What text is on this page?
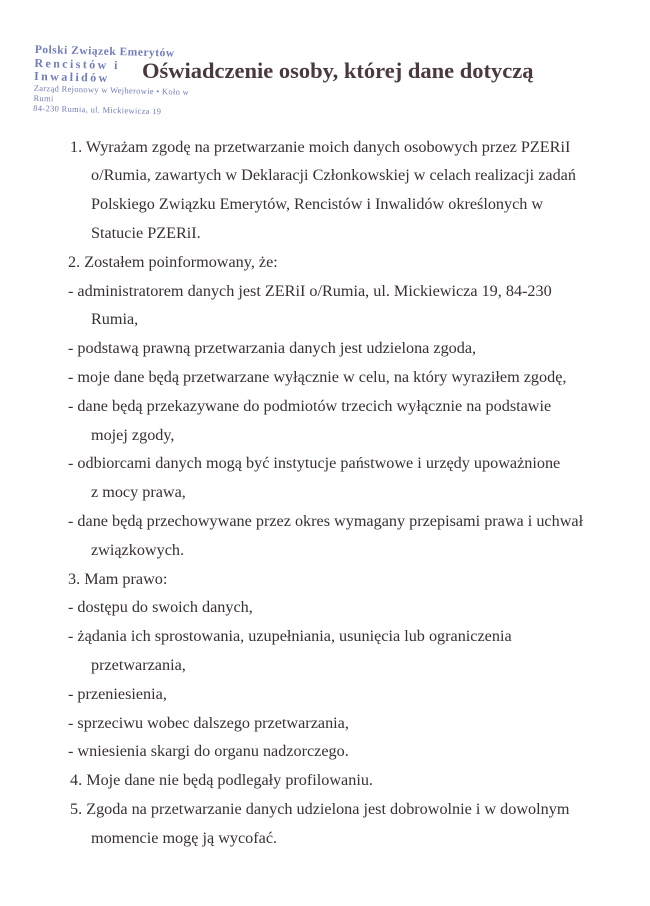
Polski Związek Emerytów
Rencistów i Inwalidów
Zarząd Rejonowy w Wejherowie • Koło w Rumi
84-230 Rumia, ul. Mickiewicza 19
Oświadczenie osoby, której dane dotyczą

1. Wyrażam zgodę na przetwarzanie moich danych osobowych przez PZERiI

o/Rumia, zawartych w Deklaracji Członkowskiej w celach realizacji zadań

Polskiego Związku Emerytów, Rencistów i Inwalidów określonych w

Statucie PZERiI.

2. Zostałem poinformowany, że:

- administratorem danych jest ZERiI o/Rumia, ul. Mickiewicza 19, 84-230

Rumia,

- podstawą prawną przetwarzania danych jest udzielona zgoda,

- moje dane będą przetwarzane wyłącznie w celu, na który wyraziłem zgodę,

- dane będą przekazywane do podmiotów trzecich wyłącznie na podstawie

mojej zgody,

- odbiorcami danych mogą być instytucje państwowe i urzędy upoważnione

z mocy prawa,

- dane będą przechowywane przez okres wymagany przepisami prawa i uchwał

związkowych.

3. Mam prawo:

- dostępu do swoich danych,

- żądania ich sprostowania, uzupełniania, usunięcia lub ograniczenia

przetwarzania,

- przeniesienia,

- sprzeciwu wobec dalszego przetwarzania,

- wniesienia skargi do organu nadzorczego.

4. Moje dane nie będą podlegały profilowaniu.

5. Zgoda na przetwarzanie danych udzielona jest dobrowolnie i w dowolnym

momencie mogę ją wycofać.
